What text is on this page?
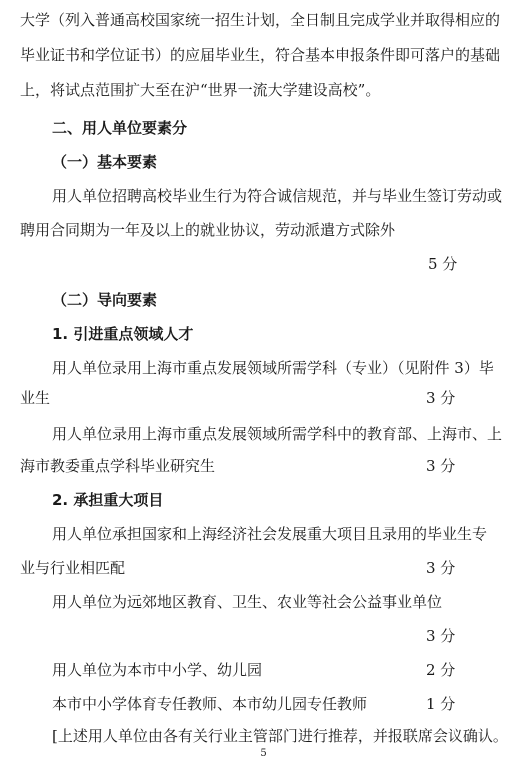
大学（列入普通高校国家统一招生计划，全日制且完成学业并取得相应的
毕业证书和学位证书）的应届毕业生，符合基本申报条件即可落户的基础
上，将试点范围扩大至在沪“世界一流大学建设高校”。
二、用人单位要素分
（一）基本要素
用人单位招聘高校毕业生行为符合诚信规范，并与毕业生签订劳动或
聘用合同期为一年及以上的就业协议，劳动派遣方式除外
5 分
（二）导向要素
1. 引进重点领域人才
用人单位录用上海市重点发展领域所需学科（专业）（见附件 3）毕
业生	3 分
用人单位录用上海市重点发展领域所需学科中的教育部、上海市、上
海市教委重点学科毕业研究生	3 分
2. 承担重大项目
用人单位承担国家和上海经济社会发展重大项目且录用的毕业生专
业与行业相匹配	3 分
用人单位为远郊地区教育、卫生、农业等社会公益事业单位
3 分
用人单位为本市中小学、幼儿园	2 分
本市中小学体育专任教师、本市幼儿园专任教师	1 分
[上述用人单位由各有关行业主管部门进行推荐，并报联席会议确认。
5
